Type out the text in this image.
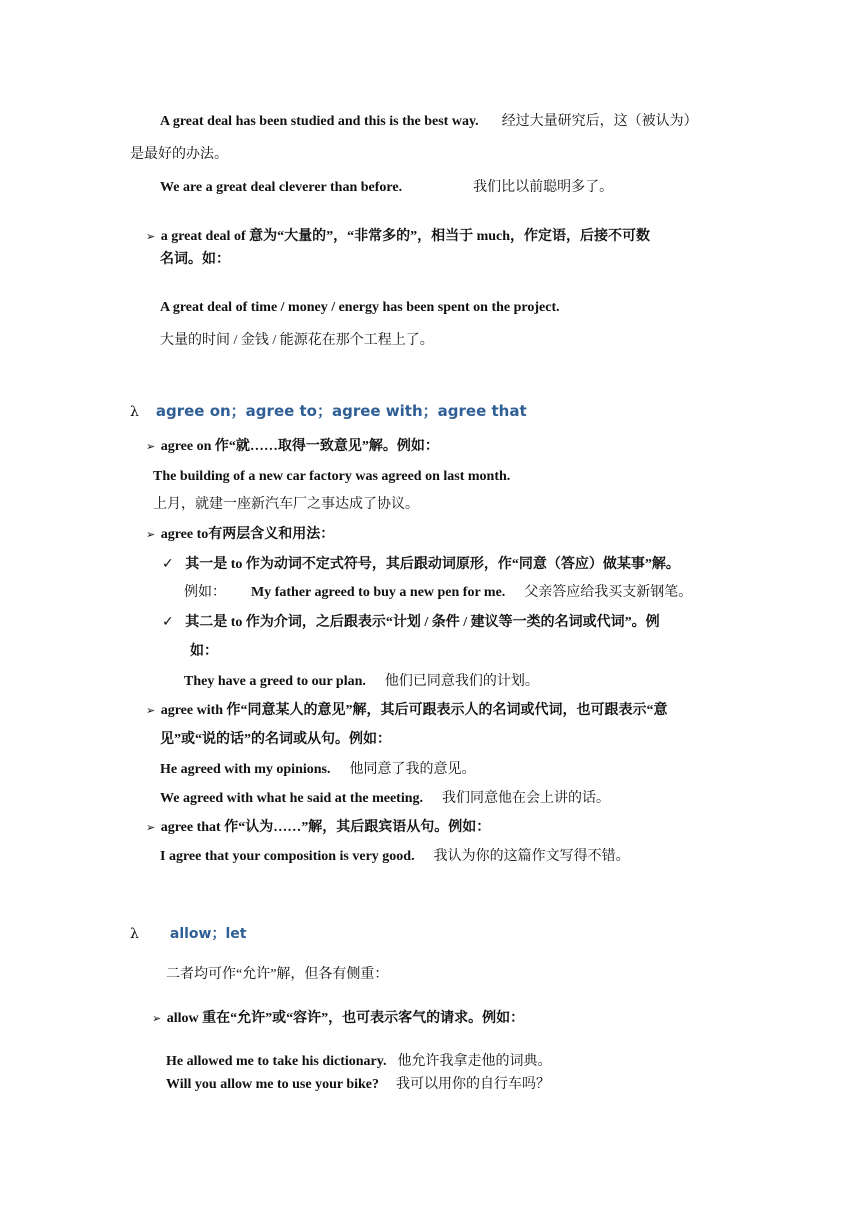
A great deal has been studied and this is the best way. 经过大量研究后，这（被认为）
是最好的办法。
We are a great deal cleverer than before.	我们比以前聪明多了。
➢ a great deal of 意为“大量的”，“非常多的”，相当于 much，作定语，后接不可数
名词。如：
A great deal of time / money / energy has been spent on the project.
大量的时间 / 金钱 / 能源花在那个工程上了。
λ agree on；agree to；agree with；agree that
➢ agree on 作“就……取得一致意见”解。例如：
The building of a new car factory was agreed on last month.
上月，就建一座新汽车厂之事达成了协议。
➢ agree to有两层含义和用法：
✓ 其一是 to 作为动词不定式符号，其后跟动词原形，作“同意（答应）做某事”解。
例如： My father agreed to buy a new pen for me. 父亲答应给我买支新钢笔。
✓ 其二是 to 作为介词，之后跟表示“计划 / 条件 / 建议等一类的名词或代词”。例
如：
They have a greed to our plan. 他们已同意我们的计划。
➢ agree with 作“同意某人的意见”解，其后可跟表示人的名词或代词，也可跟表示“意
见”或“说的话”的名词或从句。例如：
He agreed with my opinions. 他同意了我的意见。
We agreed with what he said at the meeting. 我们同意他在会上讲的话。
➢ agree that 作“认为……”解，其后跟宾语从句。例如：
I agree that your composition is very good. 我认为你的这篇作文写得不错。
λ allow；let
二者均可作“允许”解，但各有侧重：
➢ allow 重在“允许”或“容许”，也可表示客气的请求。例如：
He allowed me to take his dictionary. 他允许我拿走他的词典。
Will you allow me to use your bike? 我可以用你的自行车吗？
